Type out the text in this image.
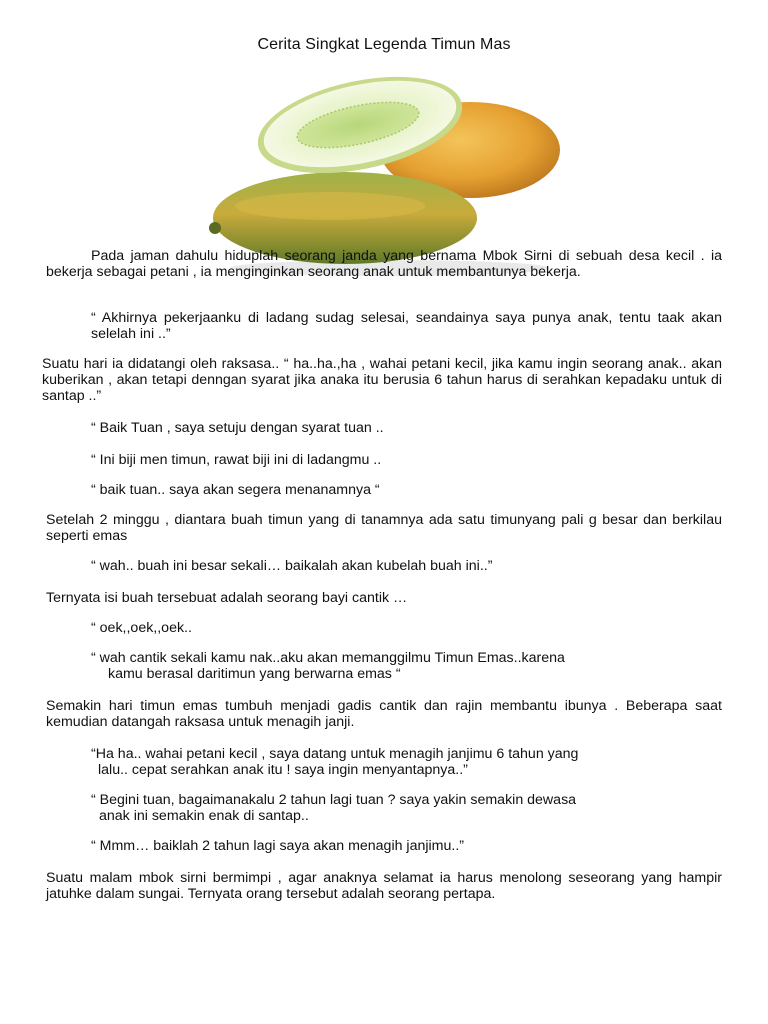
Cerita Singkat Legenda Timun Mas

Pada jaman dahulu hiduplah seorang janda yang bernama Mbok Sirni di sebuah desa kecil . ia bekerja sebagai petani , ia menginginkan seorang anak untuk membantunya bekerja.

“ Akhirnya pekerjaanku di ladang sudag selesai, seandainya saya punya anak, tentu taak akan selelah ini ..”

Suatu hari ia didatangi oleh raksasa.. “ ha..ha.,ha , wahai petani kecil, jika kamu ingin seorang anak.. akan kuberikan , akan tetapi denngan syarat jika anaka itu berusia 6 tahun harus di serahkan kepadaku untuk di santap ..”

“ Baik Tuan , saya setuju dengan syarat tuan ..

“ Ini biji men timun, rawat biji ini di ladangmu ..

“ baik tuan.. saya akan segera menanamnya “

Setelah 2 minggu , diantara buah timun yang di tanamnya ada satu timunyang pali g besar dan berkilau seperti emas

“ wah.. buah ini besar sekali… baikalah akan kubelah buah ini..”

Ternyata isi buah tersebuat adalah seorang bayi cantik …

“ oek,,oek,,oek..

“ wah cantik sekali kamu nak..aku akan memanggilmu Timun Emas..karena

kamu berasal daritimun yang berwarna emas “

Semakin hari timun emas tumbuh menjadi gadis cantik dan rajin membantu ibunya . Beberapa saat kemudian datangah raksasa untuk menagih janji.

“Ha ha.. wahai petani kecil , saya datang untuk menagih janjimu 6 tahun yang

lalu.. cepat serahkan anak itu ! saya ingin menyantapnya..”

“ Begini tuan, bagaimanakalu 2 tahun lagi tuan ? saya yakin semakin dewasa

anak ini semakin enak di santap..

“ Mmm… baiklah 2 tahun lagi saya akan menagih janjimu..”

Suatu malam mbok sirni bermimpi , agar anaknya selamat ia harus menolong seseorang yang hampir jatuhke dalam sungai. Ternyata orang tersebut adalah seorang pertapa.
